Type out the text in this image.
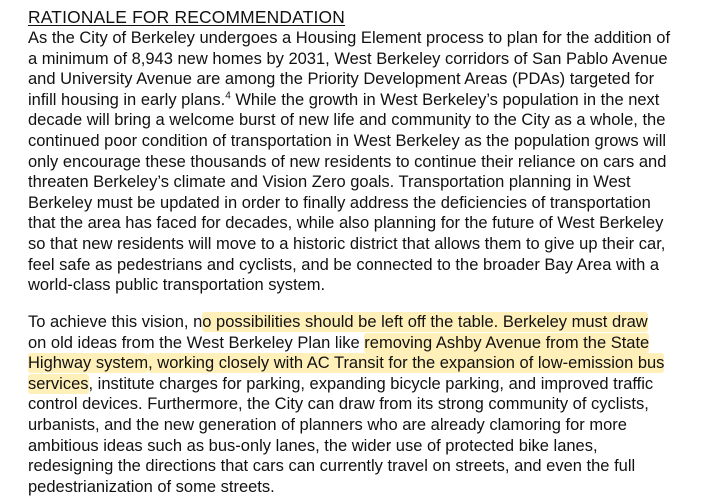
RATIONALE FOR RECOMMENDATION

As the City of Berkeley undergoes a Housing Element process to plan for the addition of
a minimum of 8,943 new homes by 2031, West Berkeley corridors of San Pablo Avenue
and University Avenue are among the Priority Development Areas (PDAs) targeted for
infill housing in early plans.$^4$ While the growth in West Berkeley’s population in the next
decade will bring a welcome burst of new life and community to the City as a whole, the
continued poor condition of transportation in West Berkeley as the population grows will
only encourage these thousands of new residents to continue their reliance on cars and
threaten Berkeley’s climate and Vision Zero goals. Transportation planning in West
Berkeley must be updated in order to finally address the deficiencies of transportation
that the area has faced for decades, while also planning for the future of West Berkeley
so that new residents will move to a historic district that allows them to give up their car,
feel safe as pedestrians and cyclists, and be connected to the broader Bay Area with a
world-class public transportation system.

To achieve this vision, no possibilities should be left off the table. Berkeley must draw
on old ideas from the West Berkeley Plan like removing Ashby Avenue from the State
Highway system, working closely with AC Transit for the expansion of low-emission bus
services, institute charges for parking, expanding bicycle parking, and improved traffic
control devices. Furthermore, the City can draw from its strong community of cyclists,
urbanists, and the new generation of planners who are already clamoring for more
ambitious ideas such as bus-only lanes, the wider use of protected bike lanes,
redesigning the directions that cars can currently travel on streets, and even the full
pedestrianization of some streets.
